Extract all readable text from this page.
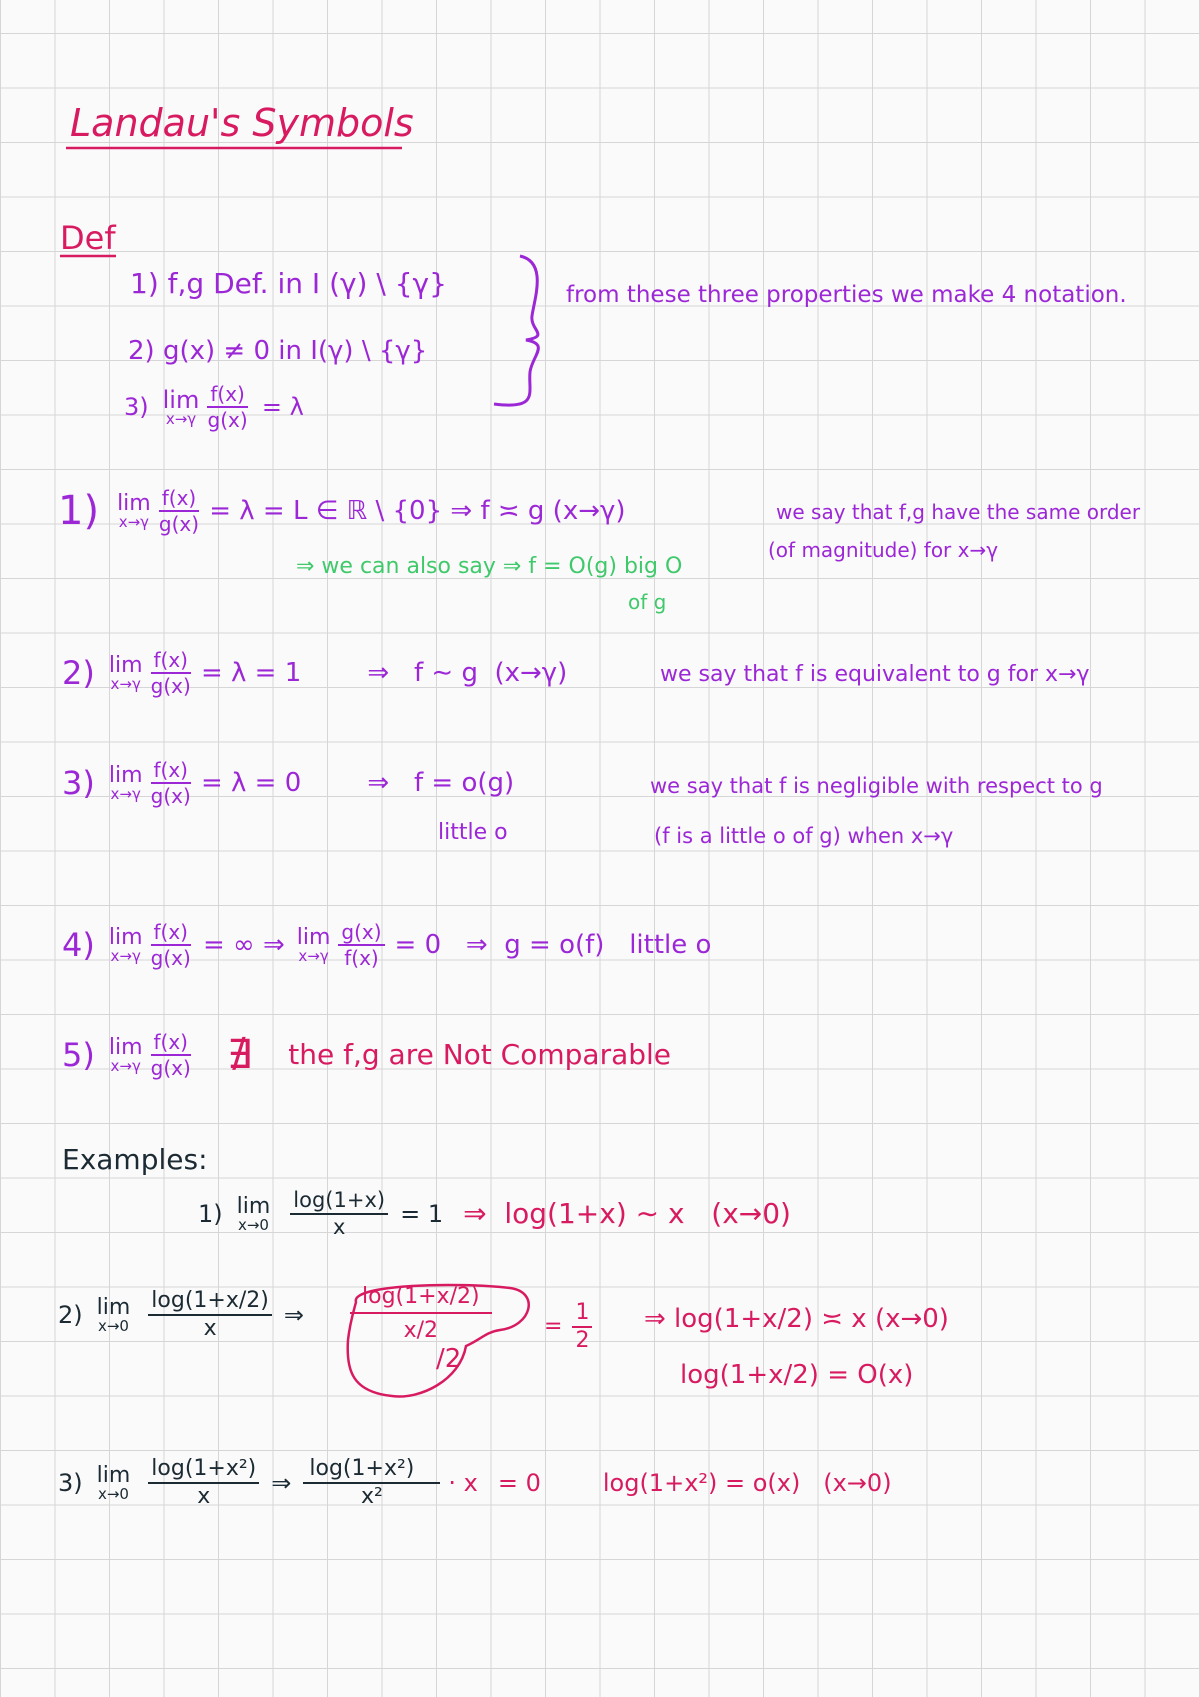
Landau's Symbols
Def
1) f,g Def. in I (γ) \ {γ}
2) g(x) ≠ 0 in I(γ) \ {γ}
3) lim
$x\to\gamma \frac{f(x)}{g(x)} = \lambda$
from these three properties we make 4 notation.
1) lim
$x\to\gamma \frac{f(x)}{g(x)} = \lambda = L$ ∈ ℝ \ {0} ⇒ f ≍ g (x→γ)	we say that f,g have the same order
(of magnitude) for x→γ
⇒ we can also say ⇒ f = O(g) big O
of g
2) lim
$x\to\gamma \frac{f(x)}{g(x)} = \lambda = 1$        ⇒   f ∼ g  (x→γ)	we say that f is equivalent to g for x→γ
3) lim
$x\to\gamma \frac{f(x)}{g(x)} = \lambda = 0$        ⇒   f = o(g)
little o
we say that f is negligible with respect to g
(f is a little o of g) when x→γ
4) lim
$x\to\gamma \frac{f(x)}{g(x)}$ = ∞ ⇒ lim
$x\to\gamma \frac{g(x)}{f(x)} = 0$   ⇒  g = o(f)   little o
5) lim
$x\to\gamma \frac{f(x)}{g(x)}$ ∄ the f,g are Not Comparable
Examples:
1) lim
$x\to 0 \frac{\log(1+x)}{x} = 1$ ⇒  log(1+x) ∼ x   (x→0)
2) lim
$x\to 0 \frac{\log(1+x/2)}{x}$ ⇒ $\frac{\log(1+x/2)}{x/2}$
/2
= $\frac{1}{2}$ ⇒ log(1+x/2) ≍ x (x→0)
log(1+x/2) = O(x)
3) lim
$x\to 0 \frac{\text{log(1+x²)}}{x}$ ⇒ $\frac{\text{log(1+x²)}}{\text{x²}} \cdot x = 0$	log(1+x²) = o(x)   (x→0)
